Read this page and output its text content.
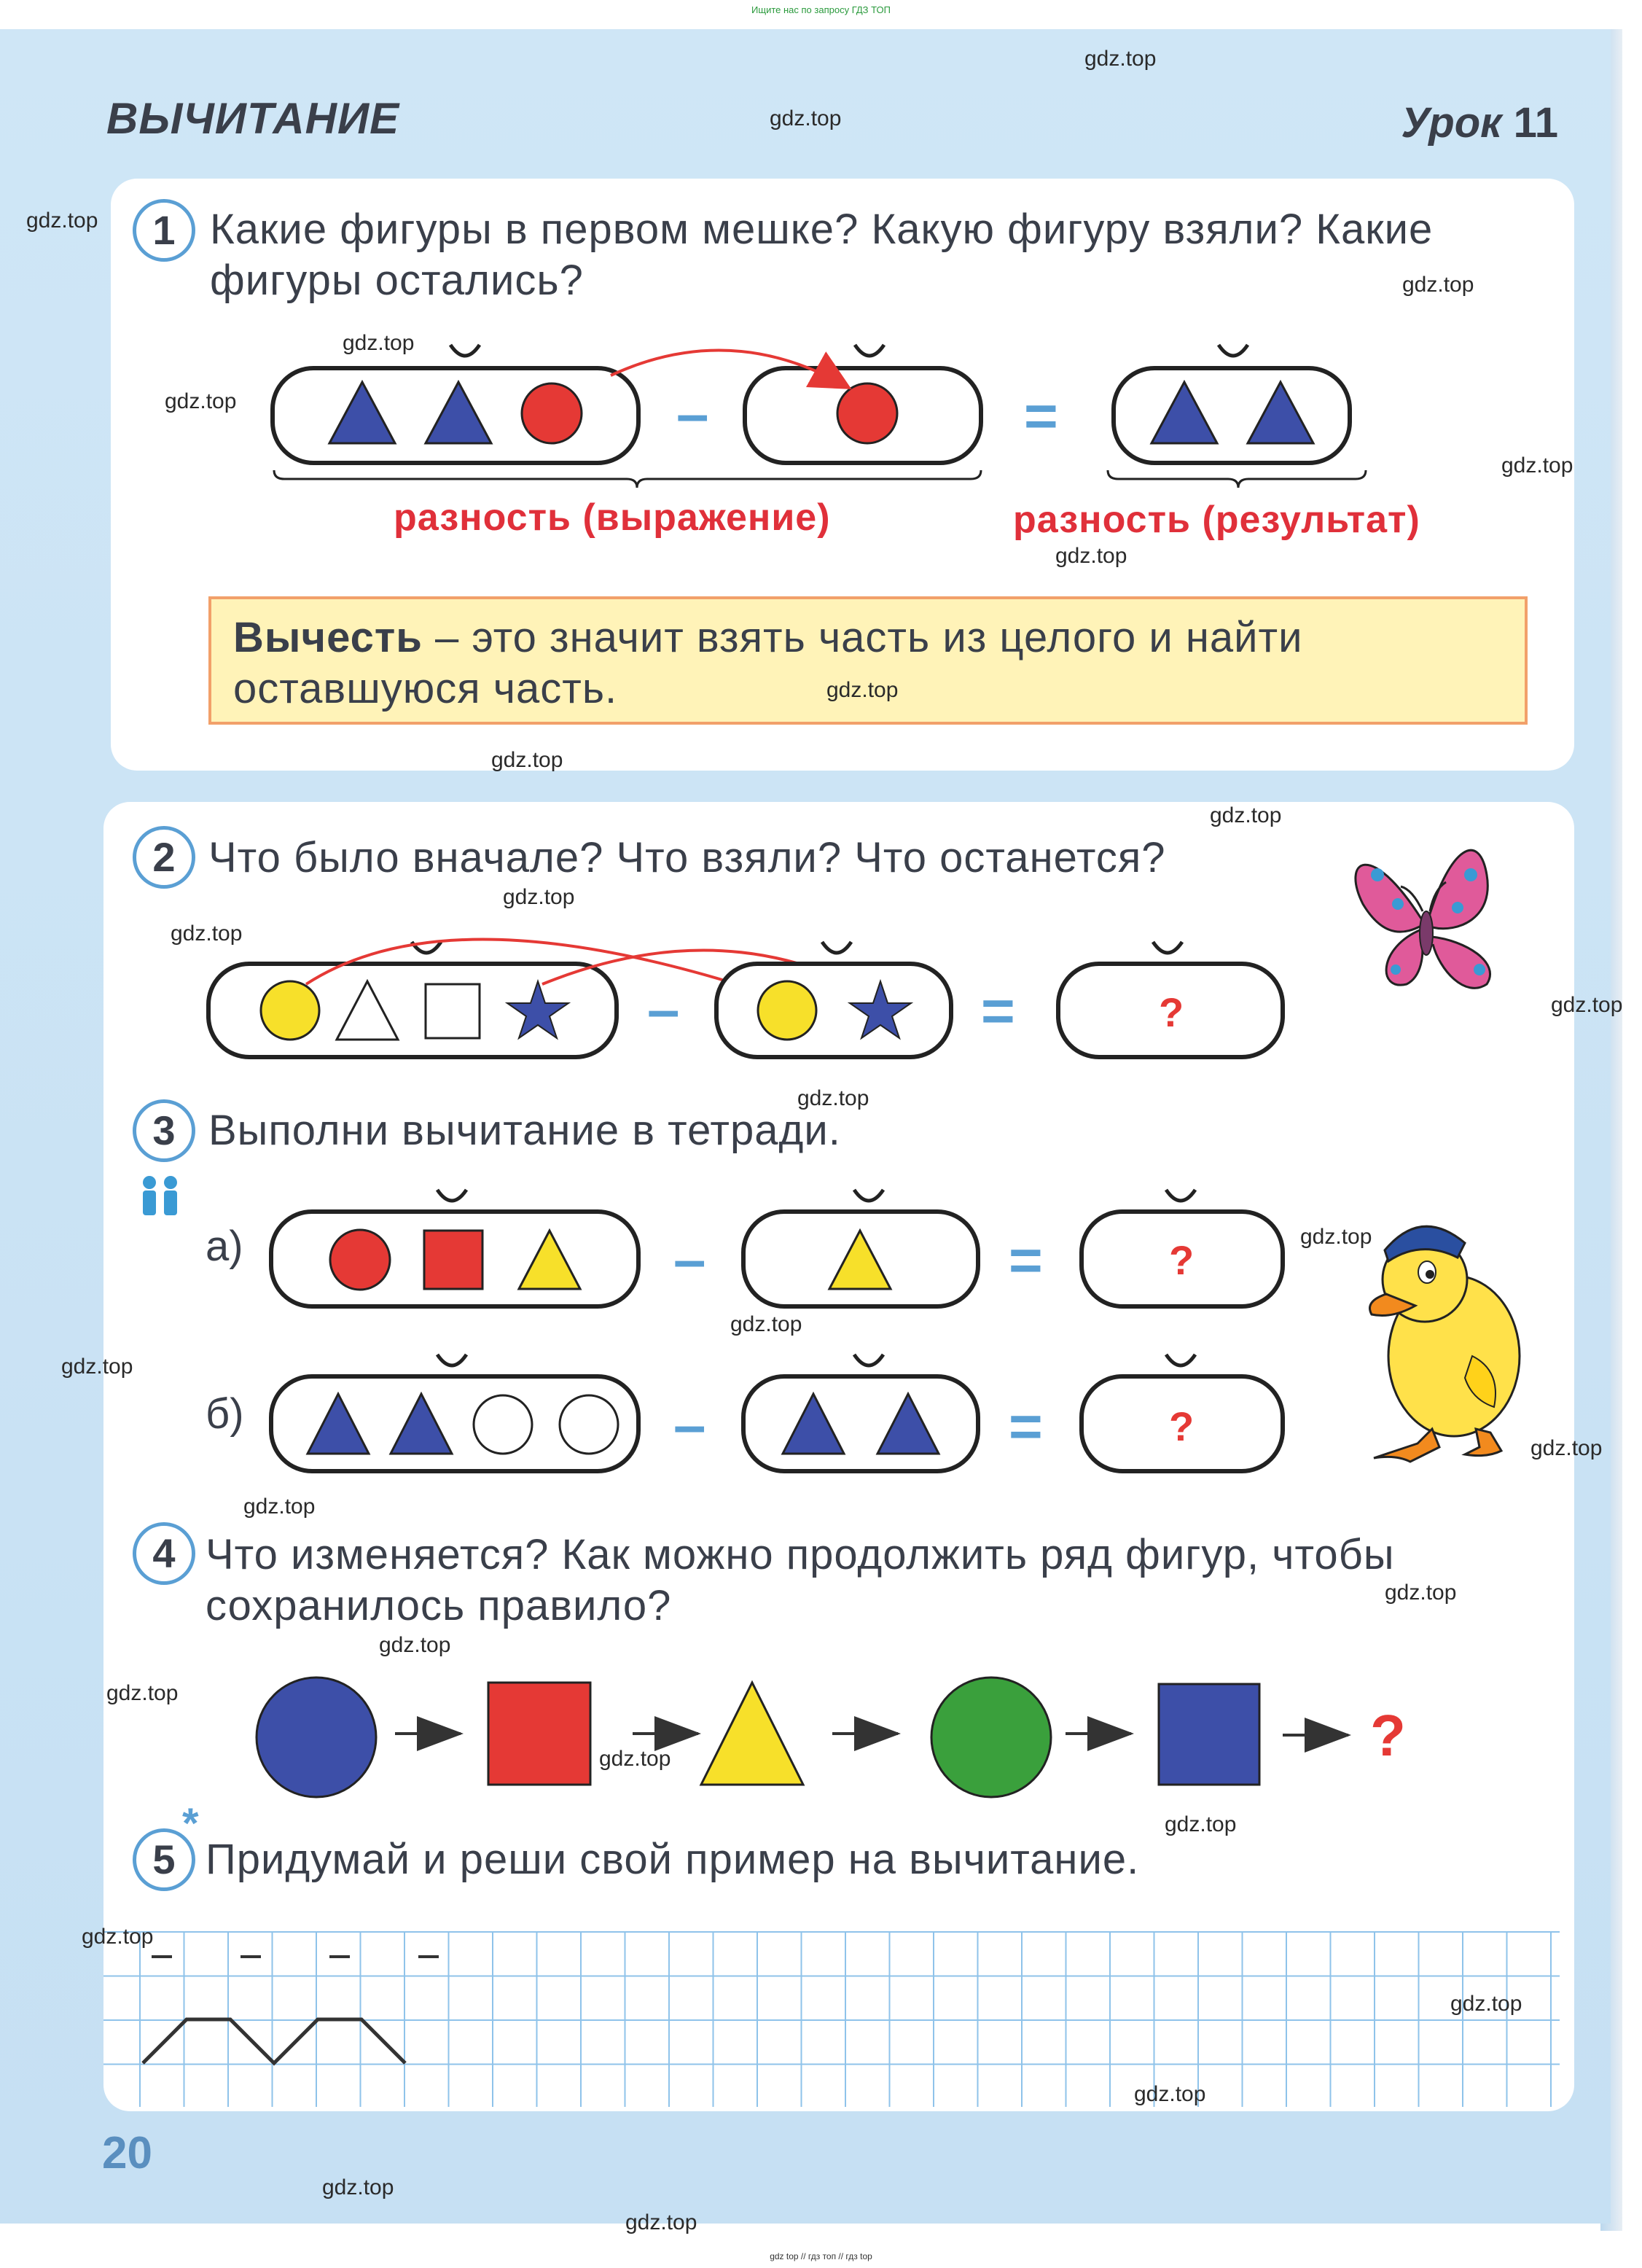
Ищите нас по запросу ГДЗ ТОП
ВЫЧИТАНИЕ	Урок 11
1 Какие фигуры в первом мешке? Какую фигуру взяли? Какие
фигуры остались?
разность (выражение)	разность (результат)
Вычесть – это значит взять часть из целого и найти
оставшуюся часть.
2 Что было вначале? Что взяли? Что останется?
3 Выполни вычитание в тетради.
а)
б)
4 Что изменяется? Как можно продолжить ряд фигур, чтобы
сохранилось правило?
5
*
Придумай и реши свой пример на вычитание.
20
–	=
–	=	?
–	=	?
–	=	?
?
gdz.top
gdz.top
gdz.top
gdz.top
gdz.top
gdz.top
gdz.top
gdz.top
gdz.top
gdz.top
gdz.top
gdz.top
gdz.top
gdz.top
gdz.top
gdz.top
gdz.top
gdz.top
gdz.top
gdz.top
gdz.top
gdz.top
gdz.top
gdz.top
gdz.top
gdz.top
gdz.top
gdz.top
gdz.top
gdz.top
gdz top // гдз топ // гдз top
